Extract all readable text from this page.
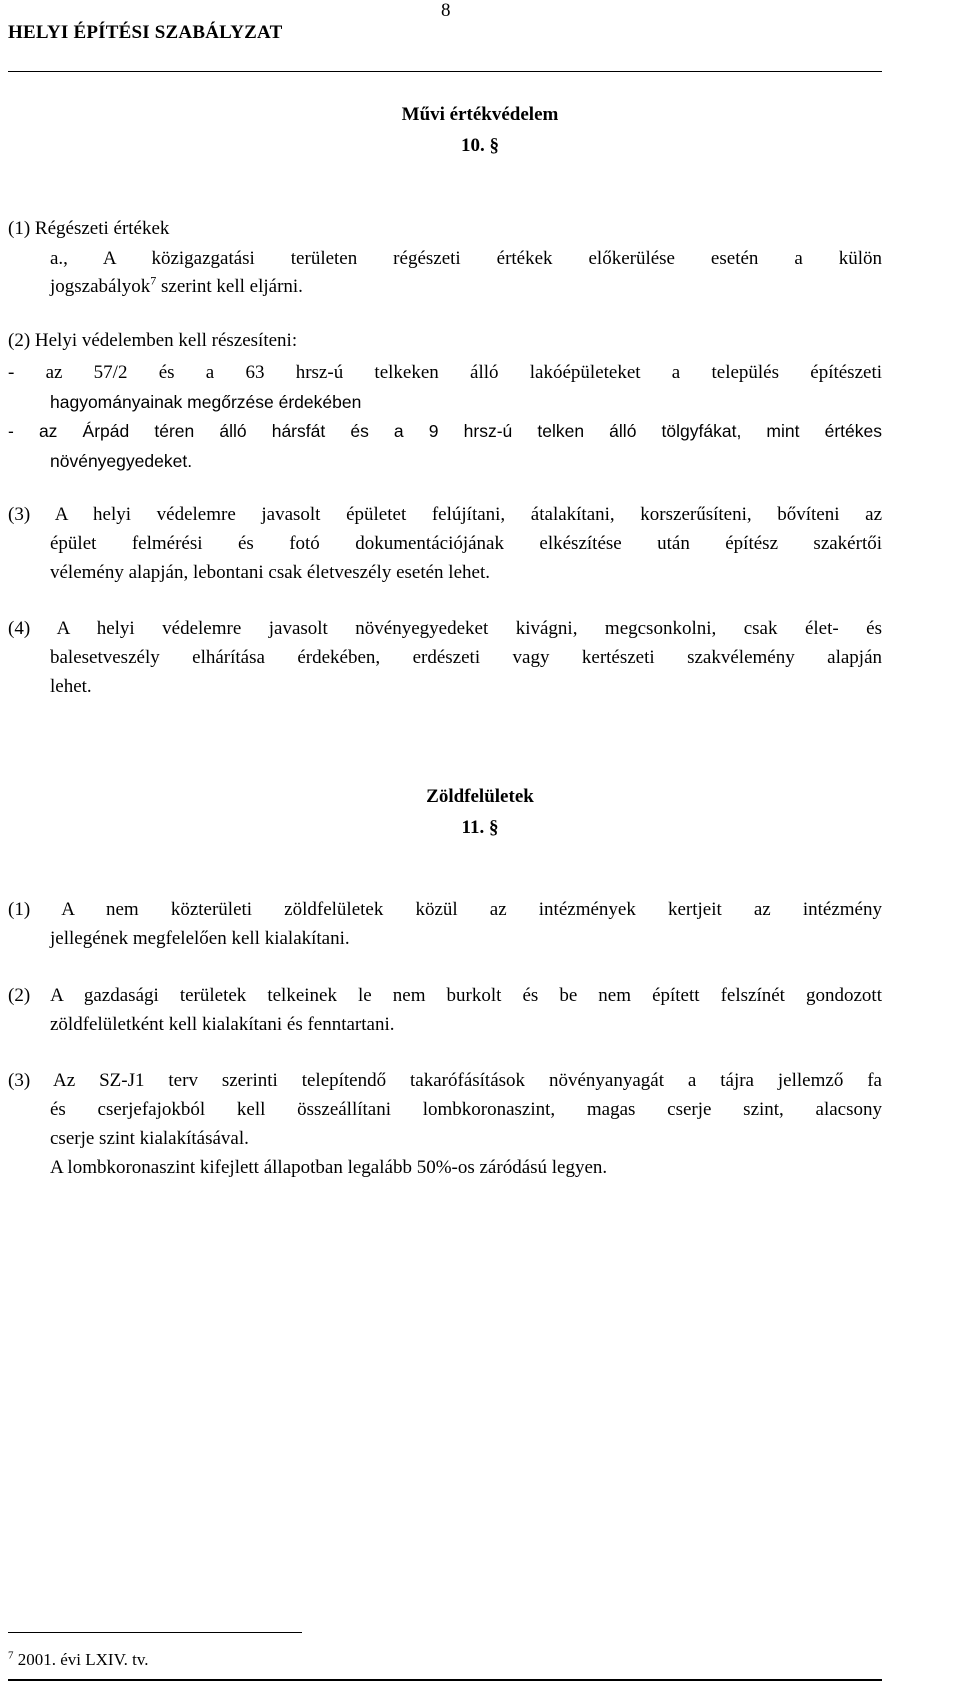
8
HELYI ÉPÍTÉSI SZABÁLYZAT
Művi értékvédelem
10. §
(1) Régészeti értékek
a., A közigazgatási területen régészeti értékek előkerülése esetén a külön
jogszabályok$^7$ szerint kell eljárni.
(2) Helyi védelemben kell részesíteni:
- az 57/2 és a 63 hrsz-ú telkeken álló lakóépületeket a település építészeti
hagyományainak megőrzése érdekében
- az Árpád téren álló hársfát és a 9 hrsz-ú telken álló tölgyfákat, mint értékes
növényegyedeket.
(3) A helyi védelemre javasolt épületet felújítani, átalakítani, korszerűsíteni, bővíteni az
épület felmérési és fotó dokumentációjának elkészítése után építész szakértői
vélemény alapján, lebontani csak életveszély esetén lehet.
(4) A helyi védelemre javasolt növényegyedeket kivágni, megcsonkolni, csak élet- és
balesetveszély elhárítása érdekében, erdészeti vagy kertészeti szakvélemény alapján
lehet.
Zöldfelületek
11. §
(1) A nem közterületi zöldfelületek közül az intézmények kertjeit az intézmény
jellegének megfelelően kell kialakítani.
(2) A gazdasági területek telkeinek le nem burkolt és be nem épített felszínét gondozott
zöldfelületként kell kialakítani és fenntartani.
(3) Az SZ-J1 terv szerinti telepítendő takarófásítások növényanyagát a tájra jellemző fa
és cserjefajokból kell összeállítani lombkoronaszint, magas cserje szint, alacsony
cserje szint kialakításával.
A lombkoronaszint kifejlett állapotban legalább 50%-os záródású legyen.
$^7$ 2001. évi LXIV. tv.
